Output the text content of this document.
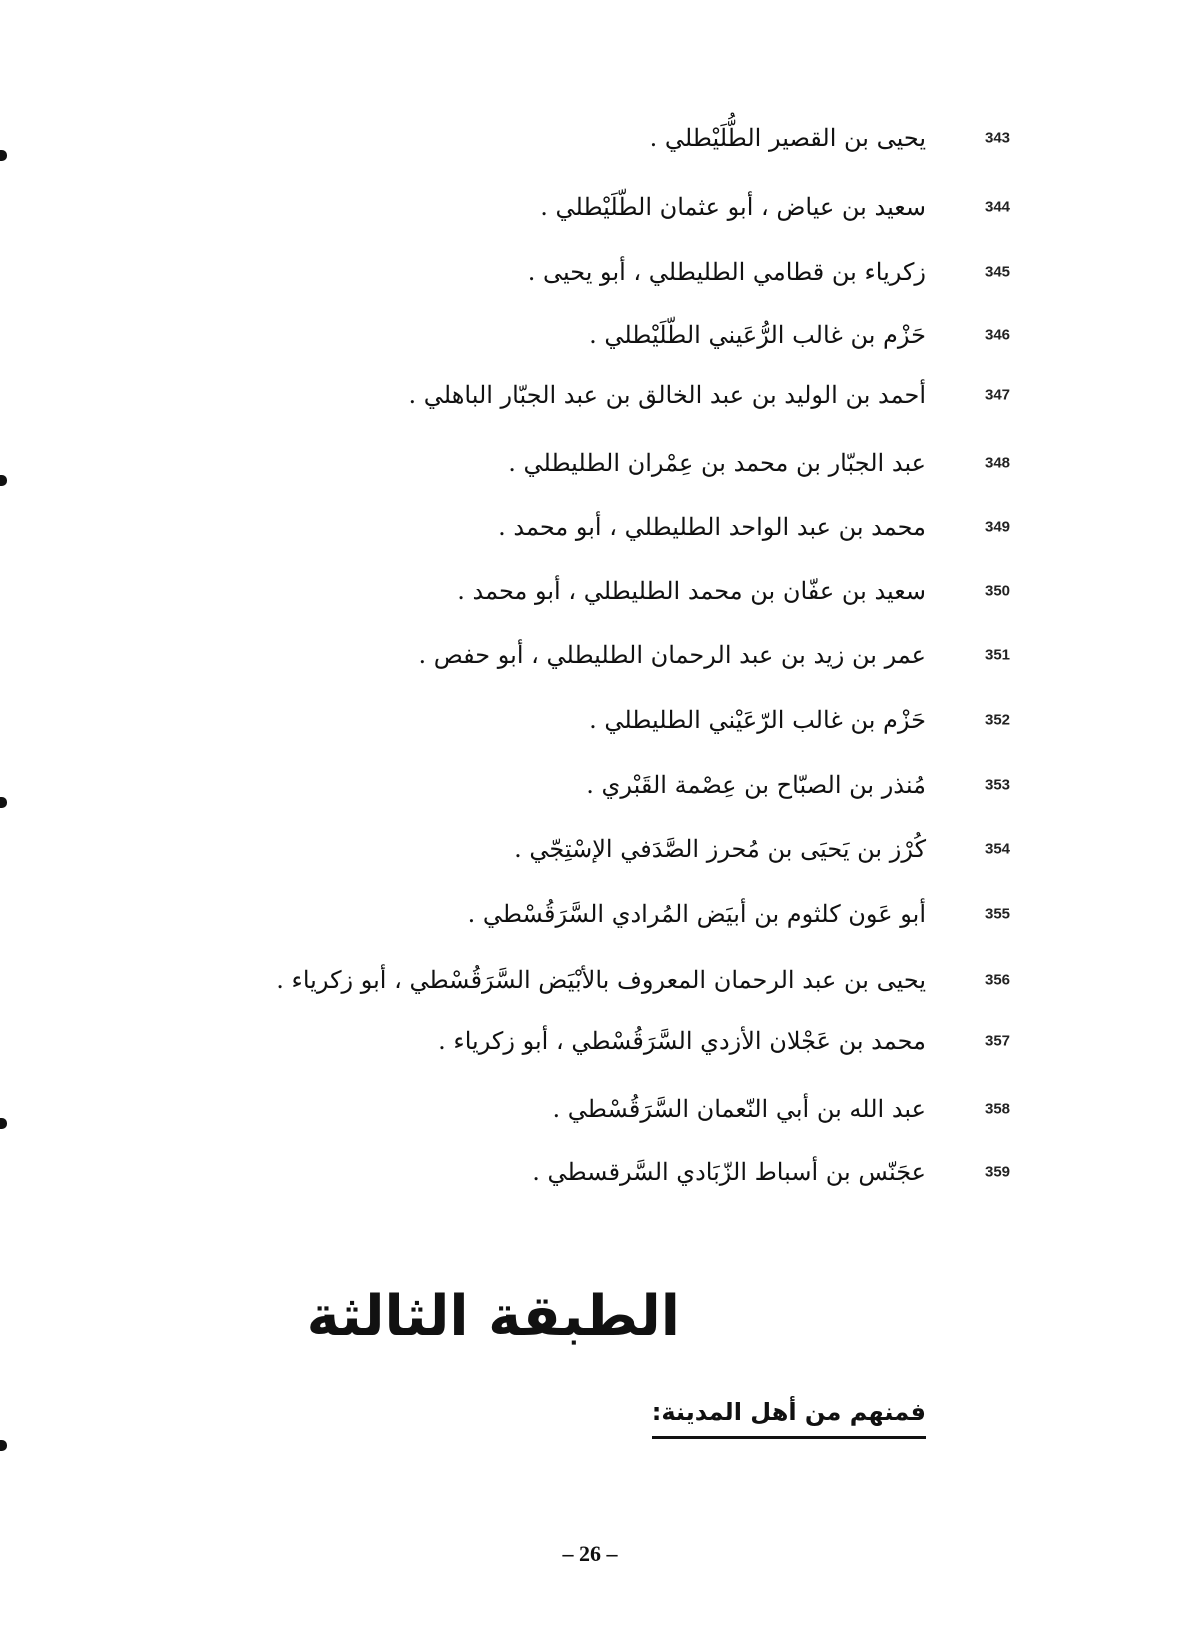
يحيى بن القصير الطُّلَيْطلي .	343
سعيد بن عياض ، أبو عثمان الطّلَيْطلي .	344
زكرياء بن قطامي الطليطلي ، أبو يحيى .	345
حَزْم بن غالب الرُّعَيني الطّلَيْطلي .	346
أحمد بن الوليد بن عبد الخالق بن عبد الجبّار الباهلي .	347
عبد الجبّار بن محمد بن عِمْران الطليطلي .	348
محمد بن عبد الواحد الطليطلي ، أبو محمد .	349
سعيد بن عفّان بن محمد الطليطلي ، أبو محمد .	350
عمر بن زيد بن عبد الرحمان الطليطلي ، أبو حفص .	351
حَزْم بن غالب الرّعَيْني الطليطلي .	352
مُنذر بن الصبّاح بن عِصْمة القَبْري .	353
كُرْز بن يَحيَى بن مُحرز الصَّدَفي الإسْتِجّي .	354
أبو عَون كلثوم بن أبيَض المُرادي السَّرَقُسْطي .	355
يحيى بن عبد الرحمان المعروف بالأبْيَض السَّرَقُسْطي ، أبو زكرياء .	356
محمد بن عَجْلان الأزدي السَّرَقُسْطي ، أبو زكرياء .	357
عبد الله بن أبي النّعمان السَّرَقُسْطي .	358
عجَنّس بن أسباط الزّبَادي السَّرقسطي .	359
الطبقة الثالثة
فمنهم من أهل المدينة:
– 26 –
